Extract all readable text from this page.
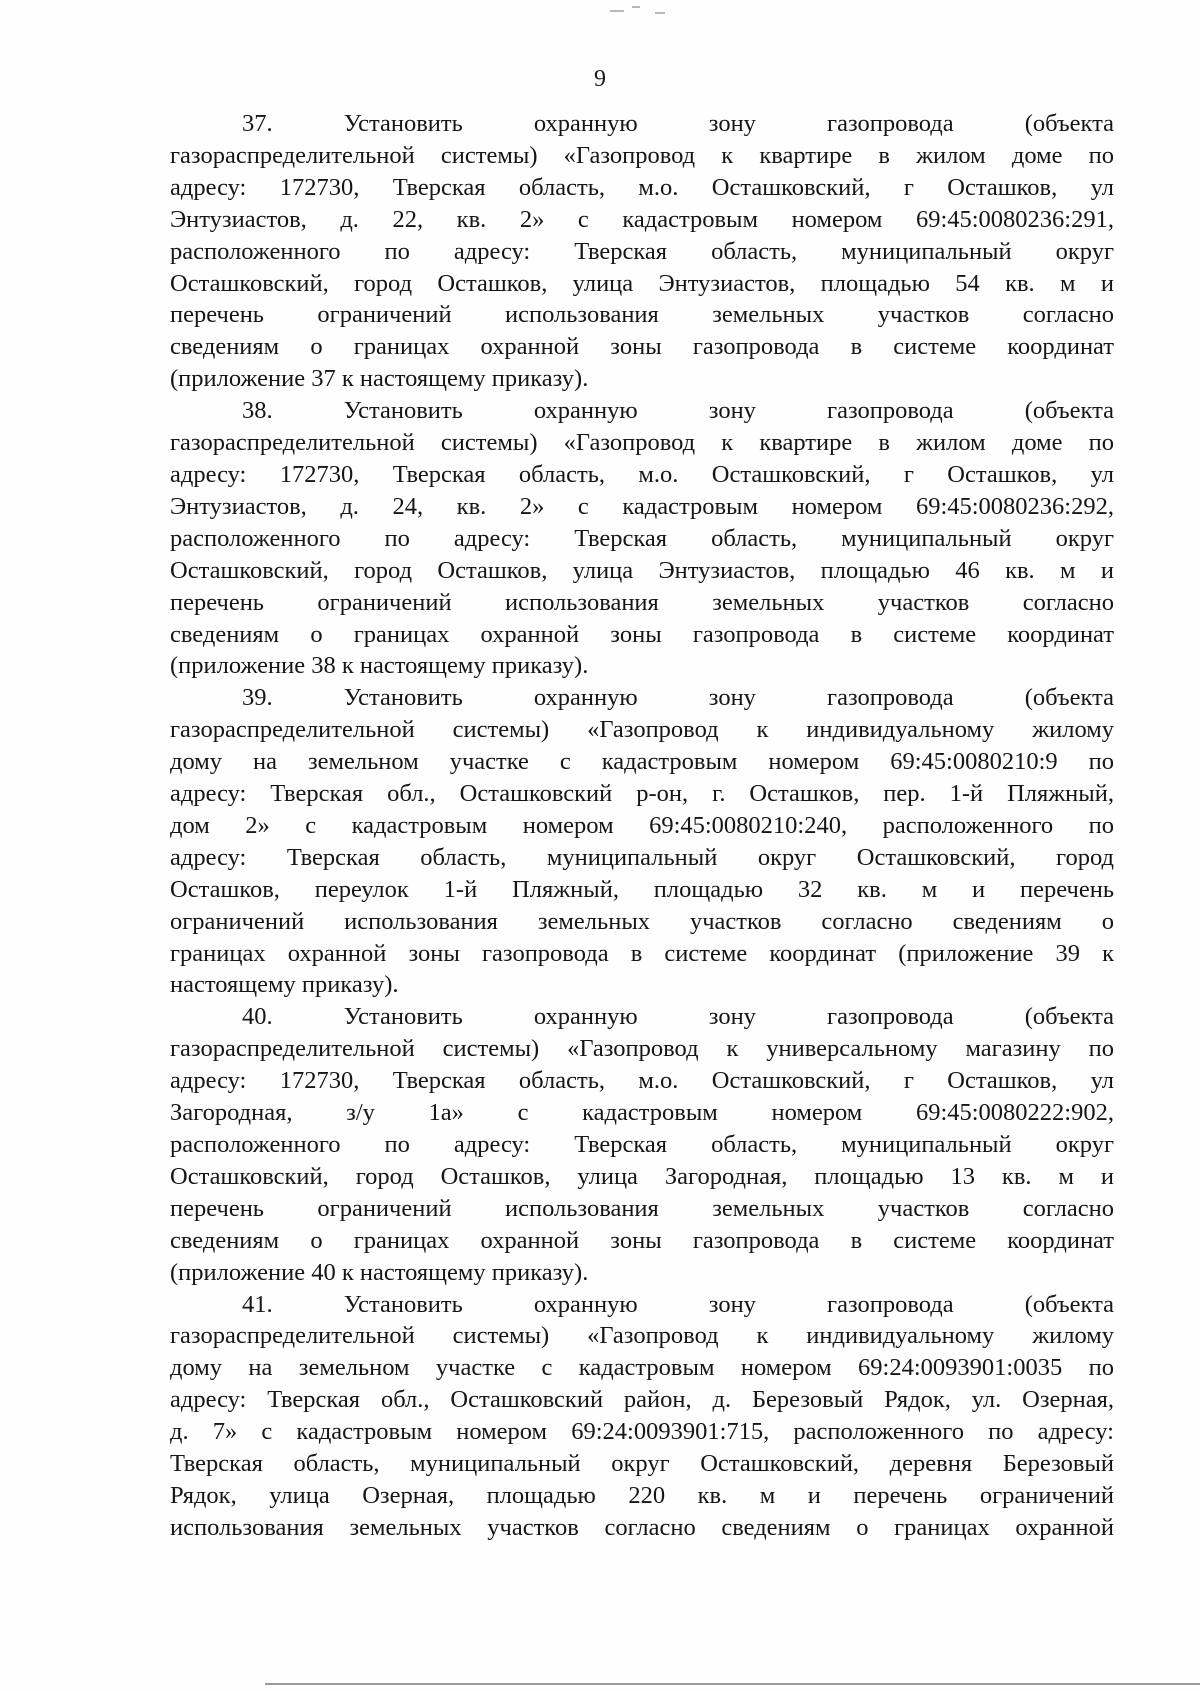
9
37. Установить охранную зону газопровода (объекта
газораспределительной системы) «Газопровод к квартире в жилом доме по
адресу: 172730, Тверская область, м.о. Осташковский, г Осташков, ул
Энтузиастов, д. 22, кв. 2» с кадастровым номером 69:45:0080236:291,
расположенного по адресу: Тверская область, муниципальный округ
Осташковский, город Осташков, улица Энтузиастов, площадью 54 кв. м и
перечень ограничений использования земельных участков согласно
сведениям о границах охранной зоны газопровода в системе координат
(приложение 37 к настоящему приказу).
38. Установить охранную зону газопровода (объекта
газораспределительной системы) «Газопровод к квартире в жилом доме по
адресу: 172730, Тверская область, м.о. Осташковский, г Осташков, ул
Энтузиастов, д. 24, кв. 2» с кадастровым номером 69:45:0080236:292,
расположенного по адресу: Тверская область, муниципальный округ
Осташковский, город Осташков, улица Энтузиастов, площадью 46 кв. м и
перечень ограничений использования земельных участков согласно
сведениям о границах охранной зоны газопровода в системе координат
(приложение 38 к настоящему приказу).
39. Установить охранную зону газопровода (объекта
газораспределительной системы) «Газопровод к индивидуальному жилому
дому на земельном участке с кадастровым номером 69:45:0080210:9 по
адресу: Тверская обл., Осташковский р-он, г. Осташков, пер. 1-й Пляжный,
дом 2» с кадастровым номером 69:45:0080210:240, расположенного по
адресу: Тверская область, муниципальный округ Осташковский, город
Осташков, переулок 1-й Пляжный, площадью 32 кв. м и перечень
ограничений использования земельных участков согласно сведениям о
границах охранной зоны газопровода в системе координат (приложение 39 к
настоящему приказу).
40. Установить охранную зону газопровода (объекта
газораспределительной системы) «Газопровод к универсальному магазину по
адресу: 172730, Тверская область, м.о. Осташковский, г Осташков, ул
Загородная, з/у 1а» с кадастровым номером 69:45:0080222:902,
расположенного по адресу: Тверская область, муниципальный округ
Осташковский, город Осташков, улица Загородная, площадью 13 кв. м и
перечень ограничений использования земельных участков согласно
сведениям о границах охранной зоны газопровода в системе координат
(приложение 40 к настоящему приказу).
41. Установить охранную зону газопровода (объекта
газораспределительной системы) «Газопровод к индивидуальному жилому
дому на земельном участке с кадастровым номером 69:24:0093901:0035 по
адресу: Тверская обл., Осташковский район, д. Березовый Рядок, ул. Озерная,
д. 7» с кадастровым номером 69:24:0093901:715, расположенного по адресу:
Тверская область, муниципальный округ Осташковский, деревня Березовый
Рядок, улица Озерная, площадью 220 кв. м и перечень ограничений
использования земельных участков согласно сведениям о границах охранной
